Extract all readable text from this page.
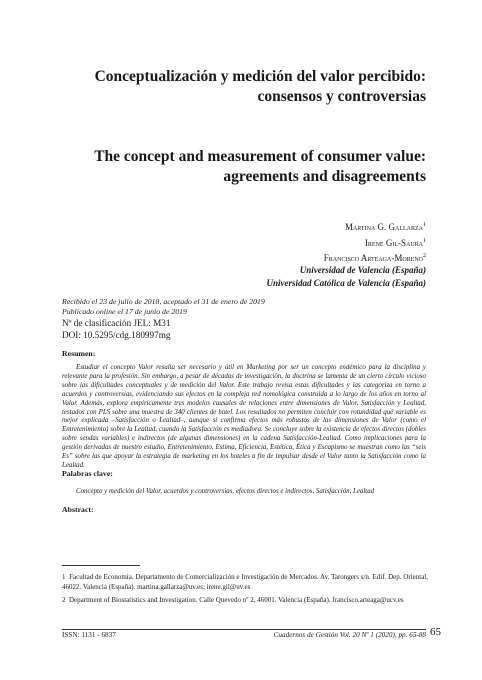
Conceptualización y medición del valor percibido:
consensos y controversias
The concept and measurement of consumer value:
agreements and disagreements
Martina G. Gallarza$^1$
Irene Gil-Saura$^1$
Francisco Arteaga-Moreno$^2$
Universidad de Valencia (España)
Universidad Católica de Valencia (España)
Recibido el 23 de julio de 2018, aceptado el 31 de enero de 2019
Publicado online el 17 de junio de 2019
Nº de clasificación JEL: M31
DOI: 10.5295/cdg.180997mg
Resumen:
Estudiar el concepto Valor resulta ser necesario y útil en Marketing por ser un concepto endémico para la disciplina y relevante para la profesión. Sin embargo, a pesar de décadas de investigación, la doctrina se lamenta de un cierto círculo vicioso sobre las dificultades conceptuales y de medición del Valor. Este trabajo revisa estas dificultades y las categoriza en torno a acuerdos y controversias, evidenciando sus efectos en la compleja red nomológica construida a lo largo de los años en torno al Valor. Además, explora empíricamente tres modelos causales de relaciones entre dimensiones de Valor, Satisfacción y Lealtad, testados con PLS sobre una muestra de 340 clientes de hotel. Los resultados no permiten concluir con rotundidad qué variable es mejor explicada –Satisfacción o Lealtad–, aunque sí confirma efectos más robustos de las dimensiones de Valor (como el Entretenimiento) sobre la Lealtad, cuando la Satisfacción es mediadora. Se concluye sobre la existencia de efectos directos (dobles sobre sendas variables) e indirectos (de algunas dimensiones) en la cadena Satisfacción-Lealtad. Como implicaciones para la gestión derivadas de nuestro estudio, Entretenimiento, Estima, Eficiencia, Estética, Ética y Escapismo se muestran como las “seis Es” sobre las que apoyar la estrategia de marketing en los hoteles a fin de impulsar desde el Valor tanto la Satisfacción como la Lealtad.
Palabras clave:
Concepto y medición del Valor, acuerdos y controversias, efectos directos e indirectos, Satisfacción, Lealtad
Abstract:
1 Facultad de Economía. Departamento de Comercialización e Investigación de Mercados. Av. Tarongers s/n. Edif. Dep. Oriental, 46022. Valencia (España). martina.gallarza@uv.es; irene.gil@uv.es
2 Department of Biostatistics and Investigation. Calle Quevedo nº 2, 46001. Valencia (España). francisco.arteaga@ucv.es
ISSN: 1131 - 6837	Cuadernos de Gestión Vol. 20 Nº 1 (2020), pp. 65-88 65
